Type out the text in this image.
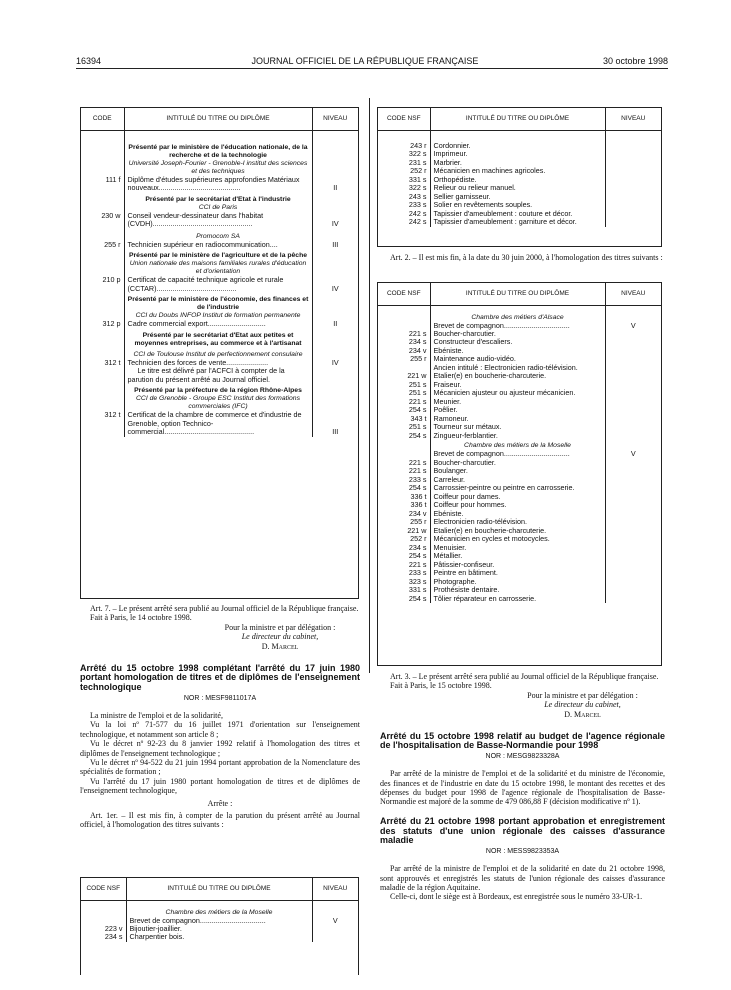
16394	JOURNAL OFFICIEL DE LA RÉPUBLIQUE FRANÇAISE	30 octobre 1998
CODE	INTITULÉ DU TITRE OU DIPLÔME	NIVEAU

	Présenté par le ministère de l'éducation nationale, de la recherche et de la technologie
Université Joseph-Fourier - Grenoble-I institut des sciences et des techniques	

111 f	Diplôme d'études supérieures approfondies Matériaux nouveaux.........................................	II

	Présenté par le secrétariat d'Etat à l'industrie
CCI de Paris	

230 w	Conseil vendeur-dessinateur dans l'habitat (CVDH)..................................................	IV

	Promocom SA	

255 r	Technicien supérieur en radiocommunication....	III

	Présenté par le ministère de l'agriculture et de la pêche
Union nationale des maisons familiales rurales d'éducation et d'orientation	

210 p	Certificat de capacité technique agricole et rurale (CCTAR)........................................	IV

	Présenté par le ministère de l'économie, des finances et de l'industrie
CCI du Doubs INFOP Institut de formation permanente	

312 p	Cadre commercial export.............................	II

	Présenté par le secrétariat d'Etat aux petites et moyennes entreprises, au commerce et à l'artisanat
CCI de Toulouse Institut de perfectionnement consulaire	

312 t	Technicien des forces de vente.....................	IV
	Le titre est délivré par l'ACFCI à compter de la parution du présent arrêté au Journal officiel.	

	Présenté par la préfecture de la région Rhône-Alpes
CCI de Grenoble - Groupe ESC Institut des formations commerciales (IFC)	

312 t	Certificat de la chambre de commerce et d'industrie de Grenoble, option Technico-commercial.............................................	III

Art. 7. – Le présent arrêté sera publié au Journal officiel de la République française.

Fait à Paris, le 14 octobre 1998.

Pour la ministre et par délégation :
Le directeur du cabinet,
D. Marcel
Arrêté du 15 octobre 1998 complétant l'arrêté du 17 juin 1980 portant homologation de titres et de diplômes de l'enseignement technologique
NOR : MESF9811017A

La ministre de l'emploi et de la solidarité,

Vu la loi nº 71-577 du 16 juillet 1971 d'orientation sur l'enseignement technologique, et notamment son article 8 ;

Vu le décret nº 92-23 du 8 janvier 1992 relatif à l'homologation des titres et diplômes de l'enseignement technologique ;

Vu le décret nº 94-522 du 21 juin 1994 portant approbation de la Nomenclature des spécialités de formation ;

Vu l'arrêté du 17 juin 1980 portant homologation de titres et de diplômes de l'enseignement technologique,

Arrête :

Art. 1er. – Il est mis fin, à compter de la parution du présent arrêté au Journal officiel, à l'homologation des titres suivants :

CODE NSF	INTITULÉ DU TITRE OU DIPLÔME	NIVEAU

	Chambre des métiers de la Moselle	

	Brevet de compagnon.................................	V
223 v	Bijoutier-joaillier.	
234 s	Charpentier bois.	
CODE NSF	INTITULÉ DU TITRE OU DIPLÔME	NIVEAU

243 r	Cordonnier.	
322 s	Imprimeur.	
231 s	Marbrier.	
252 r	Mécanicien en machines agricoles.	
331 s	Orthopédiste.	
322 s	Relieur ou relieur manuel.	
243 s	Sellier garnisseur.	
233 s	Solier en revêtements souples.	
242 s	Tapissier d'ameublement : couture et décor.	
242 s	Tapissier d'ameublement : garniture et décor.	

Art. 2. – Il est mis fin, à la date du 30 juin 2000, à l'homologation des titres suivants :

CODE NSF	INTITULÉ DU TITRE OU DIPLÔME	NIVEAU

	Chambre des métiers d'Alsace	

	Brevet de compagnon.................................	V
221 s	Boucher-charcutier.	
234 s	Constructeur d'escaliers.	
234 v	Ebéniste.	
255 r	Maintenance audio-vidéo.	
	Ancien intitulé : Electronicien radio-télévision.	
221 w	Etalier(e) en boucherie-charcuterie.	
251 s	Fraiseur.	
251 s	Mécanicien ajusteur ou ajusteur mécanicien.	
221 s	Meunier.	
254 s	Poêlier.	
343 t	Ramoneur.	
251 s	Tourneur sur métaux.	
254 s	Zingueur-ferblantier.	

	Chambre des métiers de la Moselle	

	Brevet de compagnon.................................	V
221 s	Boucher-charcutier.	
221 s	Boulanger.	
233 s	Carreleur.	
254 s	Carrossier-peintre ou peintre en carrosserie.	
336 t	Coiffeur pour dames.	
336 t	Coiffeur pour hommes.	
234 v	Ebéniste.	
255 r	Electronicien radio-télévision.	
221 w	Etalier(e) en boucherie-charcuterie.	
252 r	Mécanicien en cycles et motocycles.	
234 s	Menuisier.	
254 s	Métallier.	
221 s	Pâtissier-confiseur.	
233 s	Peintre en bâtiment.	
323 s	Photographe.	
331 s	Prothésiste dentaire.	
254 s	Tôlier réparateur en carrosserie.	

Art. 3. – Le présent arrêté sera publié au Journal officiel de la République française.

Fait à Paris, le 15 octobre 1998.

Pour la ministre et par délégation :
Le directeur du cabinet,
D. Marcel
Arrêté du 15 octobre 1998 relatif au budget de l'agence régionale de l'hospitalisation de Basse-Normandie pour 1998
NOR : MESG9823328A

Par arrêté de la ministre de l'emploi et de la solidarité et du ministre de l'économie, des finances et de l'industrie en date du 15 octobre 1998, le montant des recettes et des dépenses du budget pour 1998 de l'agence régionale de l'hospitalisation de Basse-Normandie est majoré de la somme de 479 086,88 F (décision modificative nº 1).

Arrêté du 21 octobre 1998 portant approbation et enregistrement des statuts d'une union régionale des caisses d'assurance maladie
NOR : MESS9823353A

Par arrêté de la ministre de l'emploi et de la solidarité en date du 21 octobre 1998, sont approuvés et enregistrés les statuts de l'union régionale des caisses d'assurance maladie de la région Aquitaine.

Celle-ci, dont le siège est à Bordeaux, est enregistrée sous le numéro 33-UR-1.
